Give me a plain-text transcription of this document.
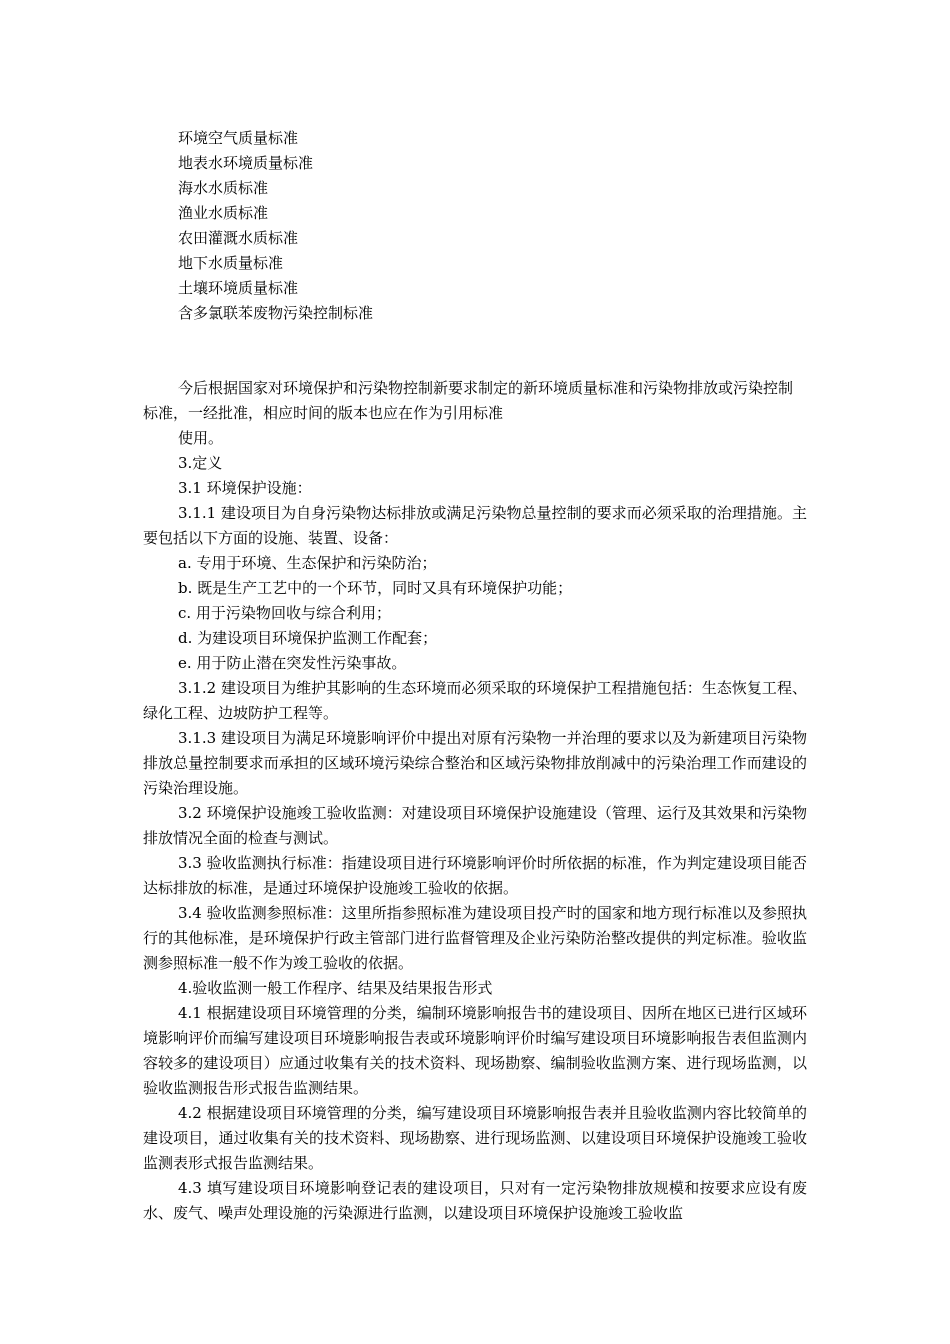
环境空气质量标准
地表水环境质量标准
海水水质标准
渔业水质标准
农田灌溉水质标准
地下水质量标准
土壤环境质量标准
含多氯联苯废物污染控制标准

今后根据国家对环境保护和污染物控制新要求制定的新环境质量标准和污染物排放或污染控制标准，一经批准，相应时间的版本也应在作为引用标准

使用。

3.定义

3.1 环境保护设施：

3.1.1 建设项目为自身污染物达标排放或满足污染物总量控制的要求而必须采取的治理措施。主要包括以下方面的设施、装置、设备：

a. 专用于环境、生态保护和污染防治；

b. 既是生产工艺中的一个环节，同时又具有环境保护功能；

c. 用于污染物回收与综合利用；

d. 为建设项目环境保护监测工作配套；

e. 用于防止潜在突发性污染事故。

3.1.2 建设项目为维护其影响的生态环境而必须采取的环境保护工程措施包括：生态恢复工程、绿化工程、边坡防护工程等。

3.1.3 建设项目为满足环境影响评价中提出对原有污染物一并治理的要求以及为新建项目污染物排放总量控制要求而承担的区域环境污染综合整治和区域污染物排放削减中的污染治理工作而建设的污染治理设施。

3.2 环境保护设施竣工验收监测：对建设项目环境保护设施建设（管理、运行及其效果和污染物排放情况全面的检查与测试。

3.3 验收监测执行标准：指建设项目进行环境影响评价时所依据的标准，作为判定建设项目能否达标排放的标准，是通过环境保护设施竣工验收的依据。

3.4 验收监测参照标准：这里所指参照标准为建设项目投产时的国家和地方现行标准以及参照执行的其他标准，是环境保护行政主管部门进行监督管理及企业污染防治整改提供的判定标准。验收监测参照标准一般不作为竣工验收的依据。

4.验收监测一般工作程序、结果及结果报告形式

4.1 根据建设项目环境管理的分类，编制环境影响报告书的建设项目、因所在地区已进行区域环境影响评价而编写建设项目环境影响报告表或环境影响评价时编写建设项目环境影响报告表但监测内容较多的建设项目）应通过收集有关的技术资料、现场勘察、编制验收监测方案、进行现场监测，以验收监测报告形式报告监测结果。

4.2 根据建设项目环境管理的分类，编写建设项目环境影响报告表并且验收监测内容比较简单的建设项目，通过收集有关的技术资料、现场勘察、进行现场监测、以建设项目环境保护设施竣工验收监测表形式报告监测结果。

4.3 填写建设项目环境影响登记表的建设项目，只对有一定污染物排放规模和按要求应设有废水、废气、噪声处理设施的污染源进行监测，以建设项目环境保护设施竣工验收监
